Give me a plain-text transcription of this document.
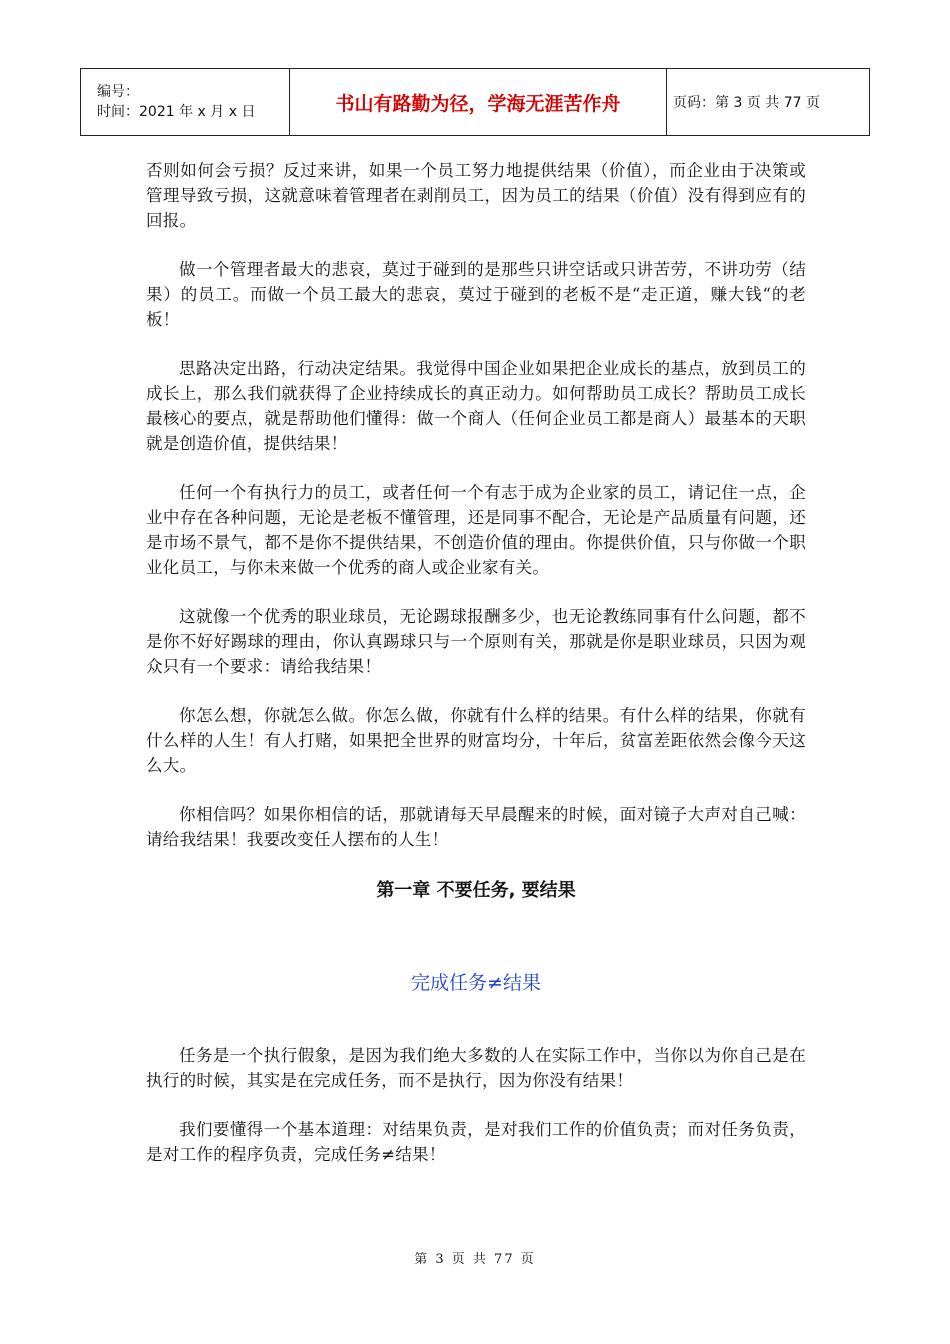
编号：
时间：2021 年 x 月 x 日	书山有路勤为径，学海无涯苦作舟	页码：第 3 页 共 77 页

否则如何会亏损？反过来讲，如果一个员工努力地提供结果（价值），而企业由于决策或管理导致亏损，这就意味着管理者在剥削员工，因为员工的结果（价值）没有得到应有的回报。

做一个管理者最大的悲哀，莫过于碰到的是那些只讲空话或只讲苦劳，不讲功劳（结果）的员工。而做一个员工最大的悲哀，莫过于碰到的老板不是“走正道，赚大钱“的老板！

思路决定出路，行动决定结果。我觉得中国企业如果把企业成长的基点，放到员工的成长上，那么我们就获得了企业持续成长的真正动力。如何帮助员工成长？帮助员工成长最核心的要点，就是帮助他们懂得：做一个商人（任何企业员工都是商人）最基本的天职就是创造价值，提供结果！

任何一个有执行力的员工，或者任何一个有志于成为企业家的员工，请记住一点，企业中存在各种问题，无论是老板不懂管理，还是同事不配合，无论是产品质量有问题，还是市场不景气，都不是你不提供结果，不创造价值的理由。你提供价值，只与你做一个职业化员工，与你未来做一个优秀的商人或企业家有关。

这就像一个优秀的职业球员，无论踢球报酬多少，也无论教练同事有什么问题，都不是你不好好踢球的理由，你认真踢球只与一个原则有关，那就是你是职业球员，只因为观众只有一个要求：请给我结果！

你怎么想，你就怎么做。你怎么做，你就有什么样的结果。有什么样的结果，你就有什么样的人生！有人打赌，如果把全世界的财富均分，十年后，贫富差距依然会像今天这么大。

你相信吗？如果你相信的话，那就请每天早晨醒来的时候，面对镜子大声对自己喊：请给我结果！我要改变任人摆布的人生！

第一章 不要任务, 要结果
完成任务≠结果

任务是一个执行假象，是因为我们绝大多数的人在实际工作中，当你以为你自己是在执行的时候，其实是在完成任务，而不是执行，因为你没有结果！

我们要懂得一个基本道理：对结果负责，是对我们工作的价值负责；而对任务负责，是对工作的程序负责，完成任务≠结果！

第 3 页 共 77 页
